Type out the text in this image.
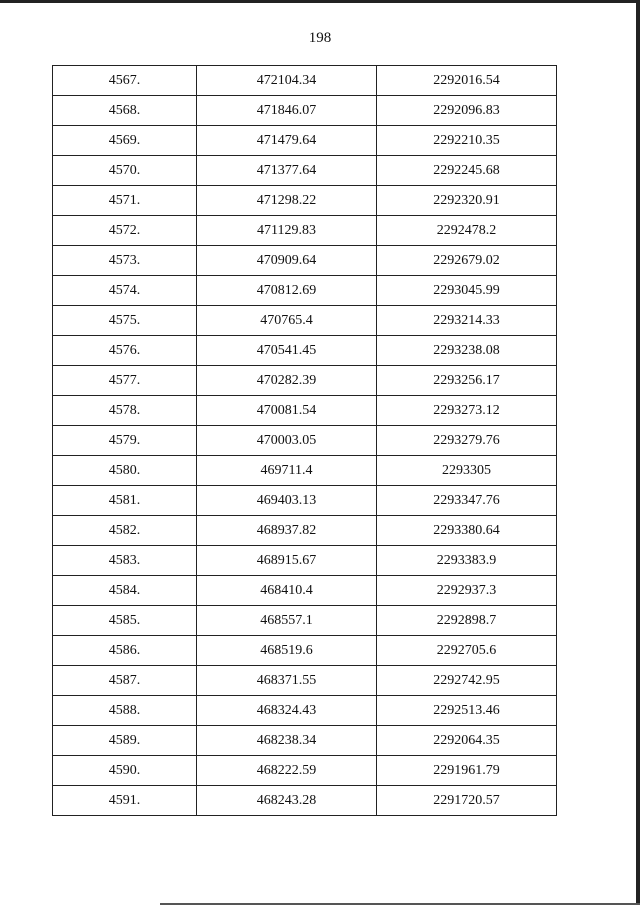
198
4567.	472104.34	2292016.54
4568.	471846.07	2292096.83
4569.	471479.64	2292210.35
4570.	471377.64	2292245.68
4571.	471298.22	2292320.91
4572.	471129.83	2292478.2
4573.	470909.64	2292679.02
4574.	470812.69	2293045.99
4575.	470765.4	2293214.33
4576.	470541.45	2293238.08
4577.	470282.39	2293256.17
4578.	470081.54	2293273.12
4579.	470003.05	2293279.76
4580.	469711.4	2293305
4581.	469403.13	2293347.76
4582.	468937.82	2293380.64
4583.	468915.67	2293383.9
4584.	468410.4	2292937.3
4585.	468557.1	2292898.7
4586.	468519.6	2292705.6
4587.	468371.55	2292742.95
4588.	468324.43	2292513.46
4589.	468238.34	2292064.35
4590.	468222.59	2291961.79
4591.	468243.28	2291720.57
